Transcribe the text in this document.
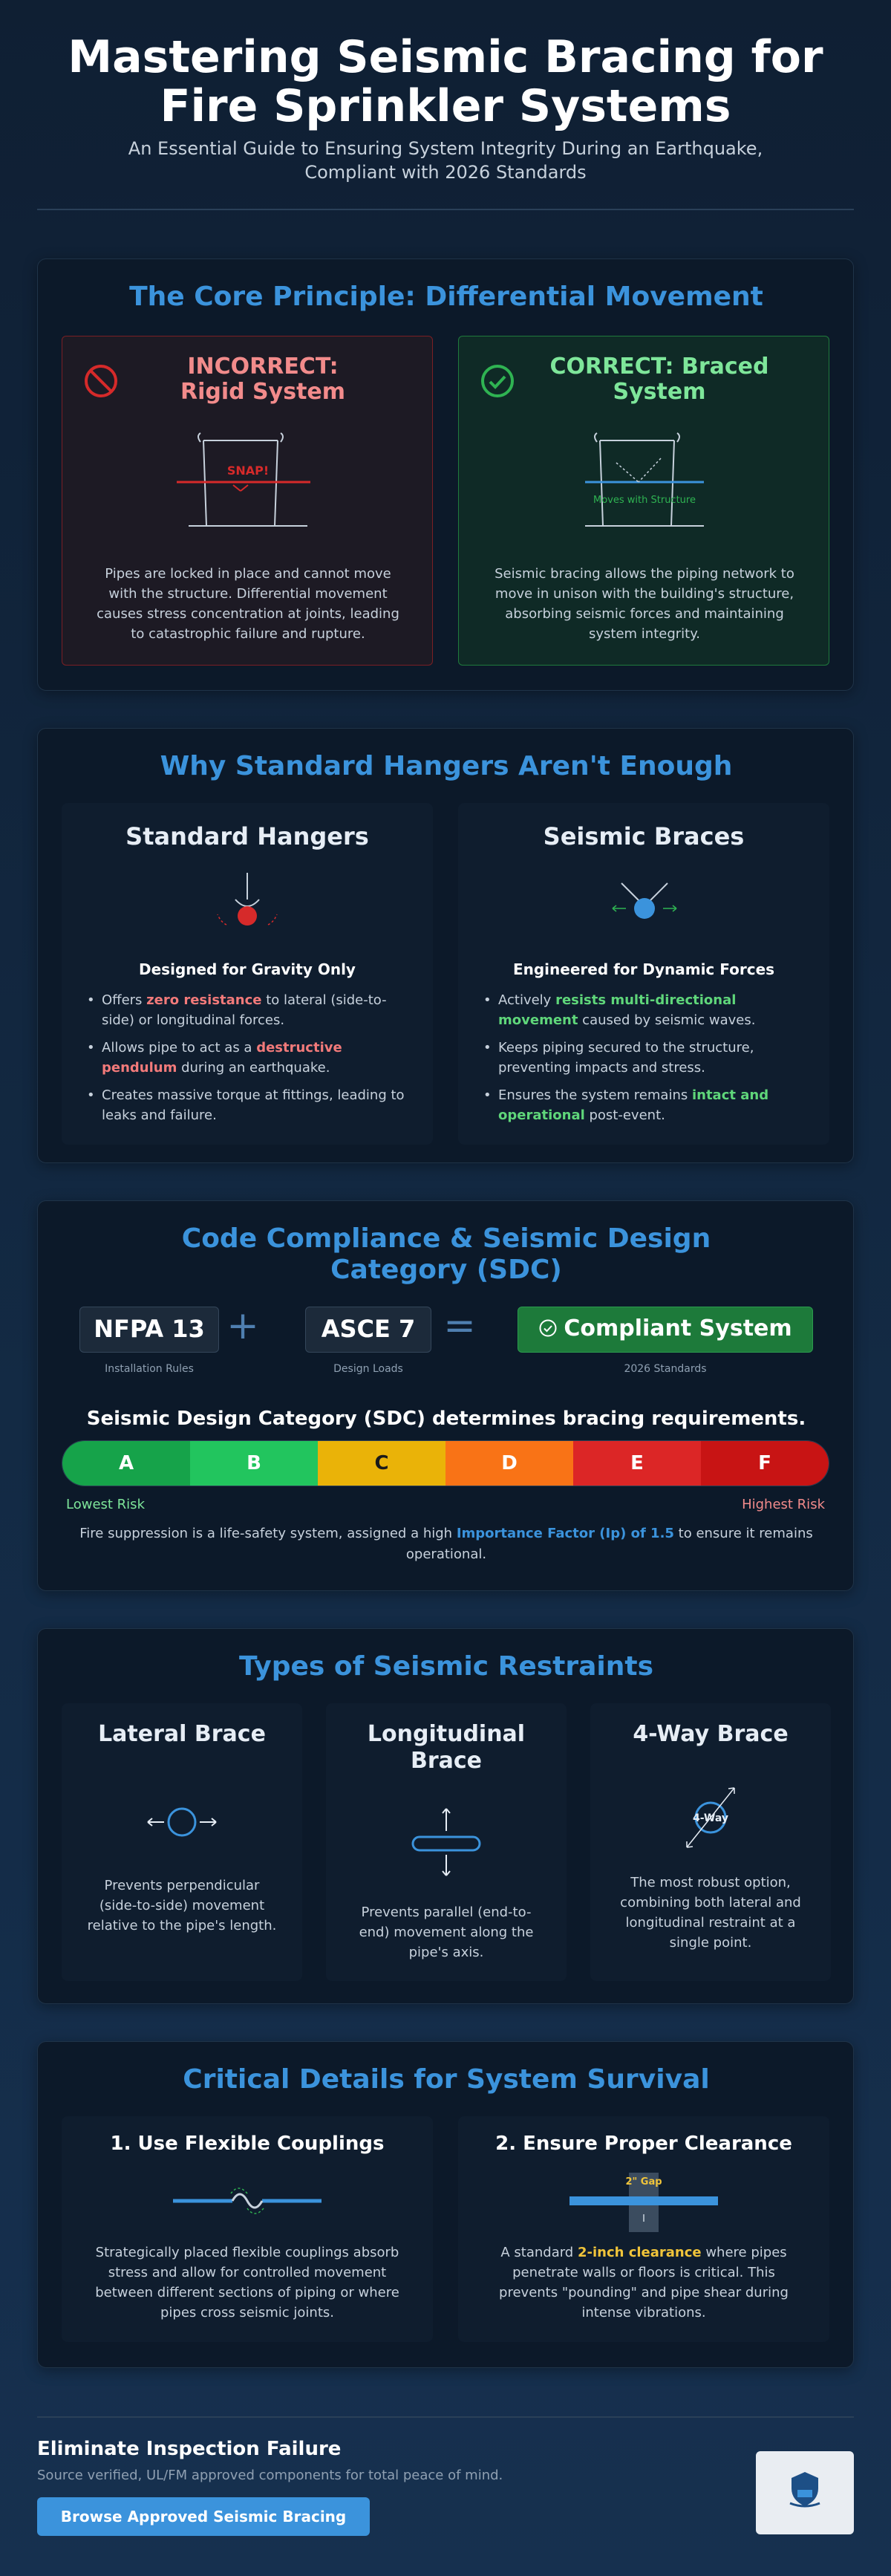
Mastering Seismic Bracing for Fire Sprinkler Systems

An Essential Guide to Ensuring System Integrity During an Earthquake, Compliant with 2026 Standards

The Core Principle: Differential Movement
INCORRECT: Rigid System
SNAP!

Pipes are locked in place and cannot move with the structure. Differential movement causes stress concentration at joints, leading to catastrophic failure and rupture.

CORRECT: Braced System
Moves with Structure

Seismic bracing allows the piping network to move in unison with the building's structure, absorbing seismic forces and maintaining system integrity.

Why Standard Hangers Aren't Enough
Standard Hangers
Designed for Gravity Only
• Offers zero resistance to lateral (side-to-side) or longitudinal forces.
• Allows pipe to act as a destructive pendulum during an earthquake.
• Creates massive torque at fittings, leading to leaks and failure.
Seismic Braces
Engineered for Dynamic Forces
• Actively resists multi-directional movement caused by seismic waves.
• Keeps piping secured to the structure, preventing impacts and stress.
• Ensures the system remains intact and operational post-event.
Code Compliance & Seismic Design Category (SDC)
NFPA 13
Installation Rules
+	ASCE 7
Design Loads
=	Compliant System
2026 Standards
Seismic Design Category (SDC) determines bracing requirements.
A	B	C	D	E	F
Lowest Risk	Highest Risk

Fire suppression is a life-safety system, assigned a high Importance Factor (Ip) of 1.5 to ensure it remains operational.

Types of Seismic Restraints
Lateral Brace

Prevents perpendicular (side-to-side) movement relative to the pipe's length.

Longitudinal Brace

Prevents parallel (end-to-end) movement along the pipe's axis.

4-Way Brace
4-Way

The most robust option, combining both lateral and longitudinal restraint at a single point.

Critical Details for System Survival
1. Use Flexible Couplings

Strategically placed flexible couplings absorb stress and allow for controlled movement between different sections of piping or where pipes cross seismic joints.

2. Ensure Proper Clearance
2" Gap

A standard 2-inch clearance where pipes penetrate walls or floors is critical. This prevents "pounding" and pipe shear during intense vibrations.

Eliminate Inspection Failure
Source verified, UL/FM approved components for total peace of mind.
Browse Approved Seismic Bracing
